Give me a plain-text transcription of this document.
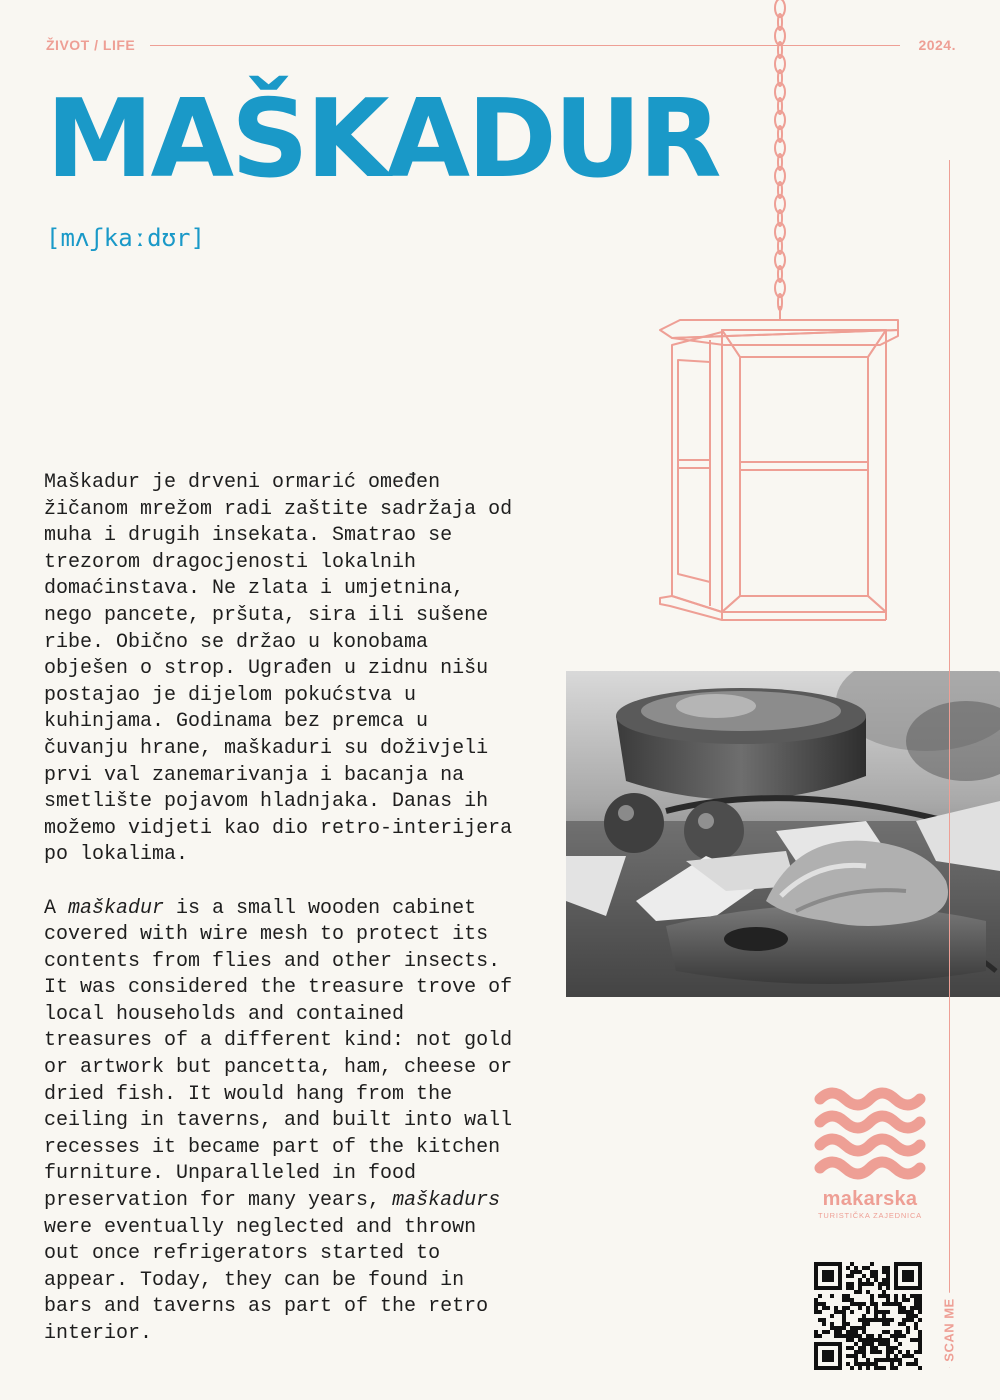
ŽIVOT / LIFE	2024.
MAŠKADUR
[mʌʃkaːdʊr]

Maškadur je drveni ormarić omeđen žičanom mrežom radi zaštite sadržaja od muha i drugih insekata. Smatrao se trezorom dragocjenosti lokalnih domaćinstava. Ne zlata i umjetnina, nego pancete, pršuta, sira ili sušene ribe. Obično se držao u konobama obješen o strop. Ugrađen u zidnu nišu postajao je dijelom pokućstva u kuhinjama. Godinama bez premca u čuvanju hrane, maškaduri su doživjeli prvi val zanemarivanja i bacanja na smetlište pojavom hladnjaka. Danas ih možemo vidjeti kao dio retro-interijera po lokalima.

A maškadur is a small wooden cabinet covered with wire mesh to protect its contents from flies and other insects. It was considered the treasure trove of local households and contained treasures of a different kind: not gold or artwork but pancetta, ham, cheese or dried fish. It would hang from the ceiling in taverns, and built into wall recesses it became part of the kitchen furniture. Unparalleled in food preservation for many years, maškadurs were eventually neglected and thrown out once refrigerators started to appear. Today, they can be found in bars and taverns as part of the retro interior.

makarska
TURISTIČKA ZAJEDNICA
SCAN ME
